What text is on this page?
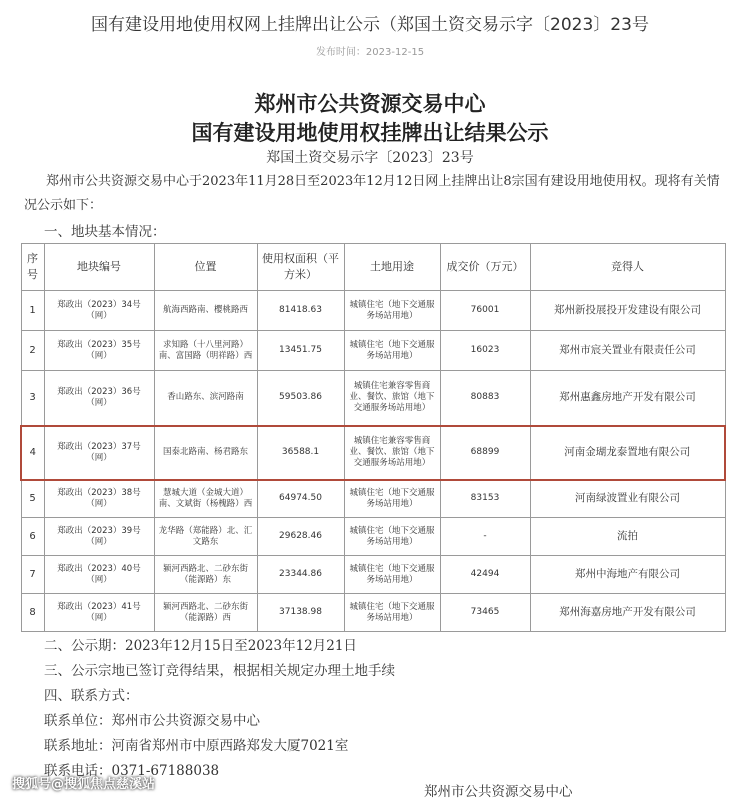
国有建设用地使用权网上挂牌出让公示（郑国土资交易示字〔2023〕23号
发布时间：2023-12-15
郑州市公共资源交易中心
国有建设用地使用权挂牌出让结果公示
郑国土资交易示字〔2023〕23号
郑州市公共资源交易中心于2023年11月28日至2023年12月12日网上挂牌出让8宗国有建设用地使用权。现将有关情况公示如下：
一、地块基本情况：
序号	地块编号	位置	使用权面积（平方米）	土地用途	成交价（万元）	竞得人
1	郑政出（2023）34号（网）	航海西路南、樱桃路西	81418.63	城镇住宅（地下交通服务场站用地）	76001	郑州新投展投开发建设有限公司
2	郑政出（2023）35号（网）	求知路（十八里河路）南、富国路（明祥路）西	13451.75	城镇住宅（地下交通服务场站用地）	16023	郑州市宸关置业有限责任公司
3	郑政出（2023）36号（网）	香山路东、滨河路南	59503.86	城镇住宅兼容零售商业、餐饮、旅馆（地下交通服务场站用地）	80883	郑州惠鑫房地产开发有限公司
4	郑政出（2023）37号（网）	国泰北路南、杨君路东	36588.1	城镇住宅兼容零售商业、餐饮、旅馆（地下交通服务场站用地）	68899	河南金瑚龙泰置地有限公司
5	郑政出（2023）38号（网）	慧城大道（金城大道）南、文斌街（杨槐路）西	64974.50	城镇住宅（地下交通服务场站用地）	83153	河南绿波置业有限公司
6	郑政出（2023）39号（网）	龙华路（郑能路）北、汇文路东	29628.46	城镇住宅（地下交通服务场站用地）	-	流拍
7	郑政出（2023）40号（网）	颍河西路北、二砂东街（能源路）东	23344.86	城镇住宅（地下交通服务场站用地）	42494	郑州中海地产有限公司
8	郑政出（2023）41号（网）	颍河西路北、二砂东街（能源路）西	37138.98	城镇住宅（地下交通服务场站用地）	73465	郑州海嘉房地产开发有限公司
二、公示期：2023年12月15日至2023年12月21日
三、公示宗地已签订竞得结果，根据相关规定办理土地手续
四、联系方式：
联系单位：郑州市公共资源交易中心
联系地址：河南省郑州市中原西路郑发大厦7021室
联系电话：0371-67188038
郑州市公共资源交易中心
搜狐号@搜狐焦点慈溪站
